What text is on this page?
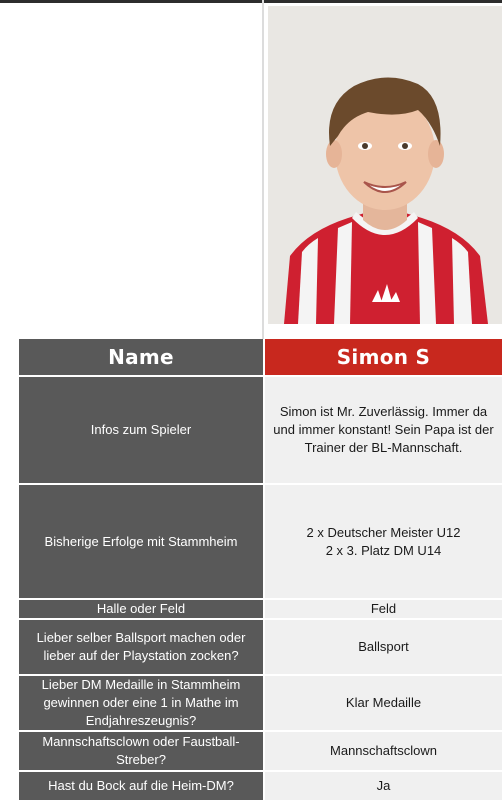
Name	Simon S
Infos zum Spieler	Simon ist Mr. Zuverlässig. Immer da und immer konstant! Sein Papa ist der Trainer der BL-Mannschaft.
Bisherige Erfolge mit Stammheim	2 x Deutscher Meister U12
2 x 3. Platz DM U14
Halle oder Feld	Feld
Lieber selber Ballsport machen oder lieber auf der Playstation zocken?	Ballsport
Lieber DM Medaille in Stammheim gewinnen oder eine 1 in Mathe im Endjahreszeugnis?	Klar Medaille
Mannschaftsclown oder Faustball-Streber?	Mannschaftsclown
Hast du Bock auf die Heim-DM?	Ja
